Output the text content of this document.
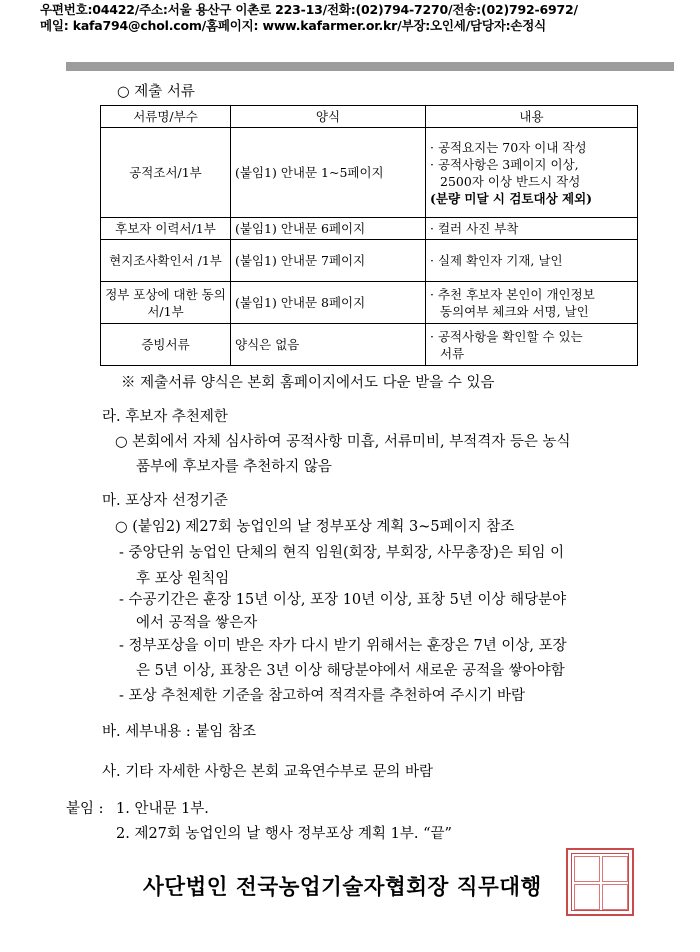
우편번호:04422/주소:서울 용산구 이촌로 223-13/전화:(02)794-7270/전송:(02)792-6972/
메일: kafa794@chol.com/홈페이지: www.kafarmer.or.kr/부장:오인세/담당자:손정식
○ 제출 서류
서류명/부수	양식	내용
공적조서/1부	(붙임1) 안내문 1~5페이지	· 공적요지는 70자 이내 작성
· 공적사항은 3페이지 이상,
2500자 이상 반드시 작성
(분량 미달 시 검토대상 제외)

후보자 이력서/1부	(붙임1) 안내문 6페이지	· 컬러 사진 부착

현지조사확인서 /1부	(붙임1) 안내문 7페이지	· 실제 확인자 기재, 날인

정부 포상에 대한 동의서/1부	(붙임1) 안내문 8페이지	· 추천 후보자 본인이 개인정보
동의여부 체크와 서명, 날인

증빙서류	양식은 없음	· 공적사항을 확인할 수 있는
서류
※ 제출서류 양식은 본회 홈페이지에서도 다운 받을 수 있음
라. 후보자 추천제한
○ 본회에서 자체 심사하여 공적사항 미흡, 서류미비, 부적격자 등은 농식
품부에 후보자를 추천하지 않음
마. 포상자 선정기준
○ (붙임2) 제27회 농업인의 날 정부포상 계획 3~5페이지 참조
- 중앙단위 농업인 단체의 현직 임원(회장, 부회장, 사무총장)은 퇴임 이
후 포상 원칙임
- 수공기간은 훈장 15년 이상, 포장 10년 이상, 표창 5년 이상 해당분야
에서 공적을 쌓은자
- 정부포상을 이미 받은 자가 다시 받기 위해서는 훈장은 7년 이상, 포장
은 5년 이상, 표창은 3년 이상 해당분야에서 새로운 공적을 쌓아야함
- 포상 추천제한 기준을 참고하여 적격자를 추천하여 주시기 바람
바. 세부내용 : 붙임 참조
사. 기타 자세한 사항은 본회 교육연수부로 문의 바람
붙임 : 1. 안내문 1부.
2. 제27회 농업인의 날 행사 정부포상 계획 1부. “끝”
사단법인 전국농업기술자협회장 직무대행
